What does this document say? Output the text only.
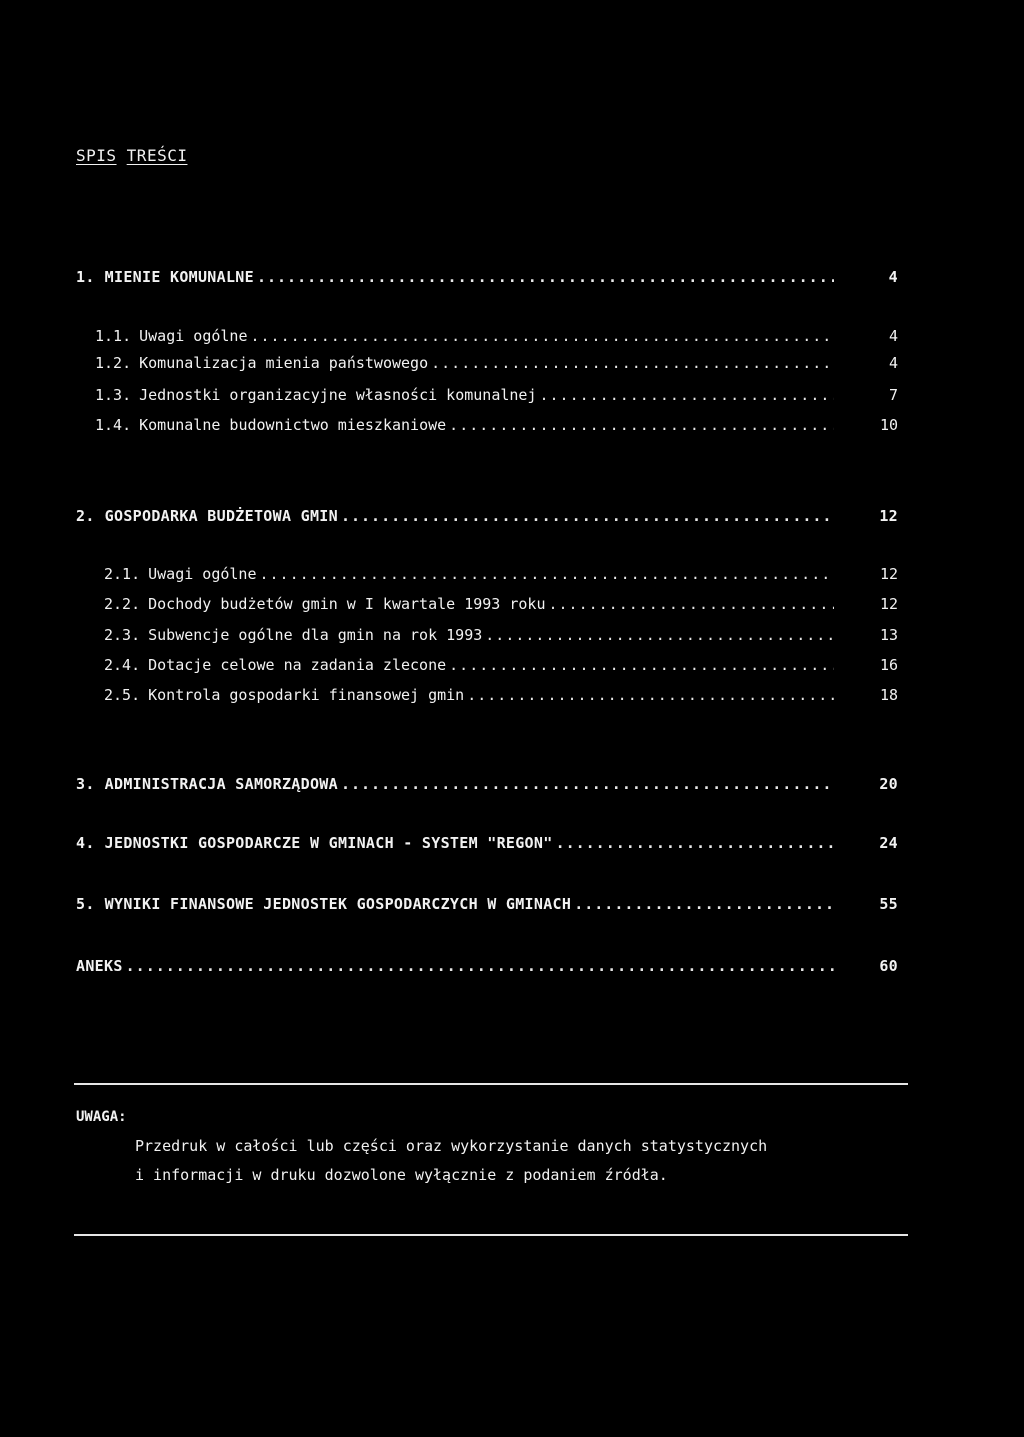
SPIS TREŚCI
1. MIENIE KOMUNALNE .....	4
1.1. Uwagi ogólne .....	4
1.2. Komunalizacja mienia państwowego .....	4
1.3. Jednostki organizacyjne własności komunalnej .....	7
1.4. Komunalne budownictwo mieszkaniowe .....	10
2. GOSPODARKA BUDŻETOWA GMIN .....	12
2.1. Uwagi ogólne .....	12
2.2. Dochody budżetów gmin w I kwartale 1993 roku .....	12
2.3. Subwencje ogólne dla gmin na rok 1993 .....	13
2.4. Dotacje celowe na zadania zlecone .....	16
2.5. Kontrola gospodarki finansowej gmin .....	18
3. ADMINISTRACJA SAMORZĄDOWA .....	20
4. JEDNOSTKI GOSPODARCZE W GMINACH - SYSTEM "REGON" .....	24
5. WYNIKI FINANSOWE JEDNOSTEK GOSPODARCZYCH W GMINACH .....	55
ANEKS .....	60
UWAGA:
Przedruk w całości lub części oraz wykorzystanie danych statystycznych
i informacji w druku dozwolone wyłącznie z podaniem źródła.
